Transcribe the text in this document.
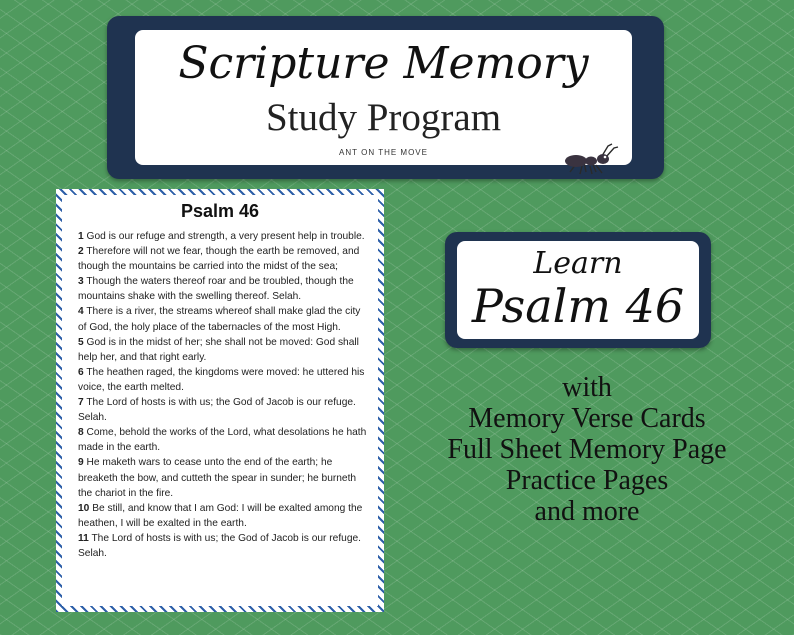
Scripture Memory
Study Program
ANT ON THE MOVE
Psalm 46

1 God is our refuge and strength, a very present help in trouble.

2 Therefore will not we fear, though the earth be removed, and though the mountains be carried into the midst of the sea;

3 Though the waters thereof roar and be troubled, though the mountains shake with the swelling thereof. Selah.

4 There is a river, the streams whereof shall make glad the city of God, the holy place of the tabernacles of the most High.

5 God is in the midst of her; she shall not be moved: God shall help her, and that right early.

6 The heathen raged, the kingdoms were moved: he uttered his voice, the earth melted.

7 The Lord of hosts is with us; the God of Jacob is our refuge. Selah.

8 Come, behold the works of the Lord, what desolations he hath made in the earth.

9 He maketh wars to cease unto the end of the earth; he breaketh the bow, and cutteth the spear in sunder; he burneth the chariot in the fire.

10 Be still, and know that I am God: I will be exalted among the heathen, I will be exalted in the earth.

11 The Lord of hosts is with us; the God of Jacob is our refuge. Selah.

Learn
Psalm 46
with
Memory Verse Cards
Full Sheet Memory Page
Practice Pages
and more
